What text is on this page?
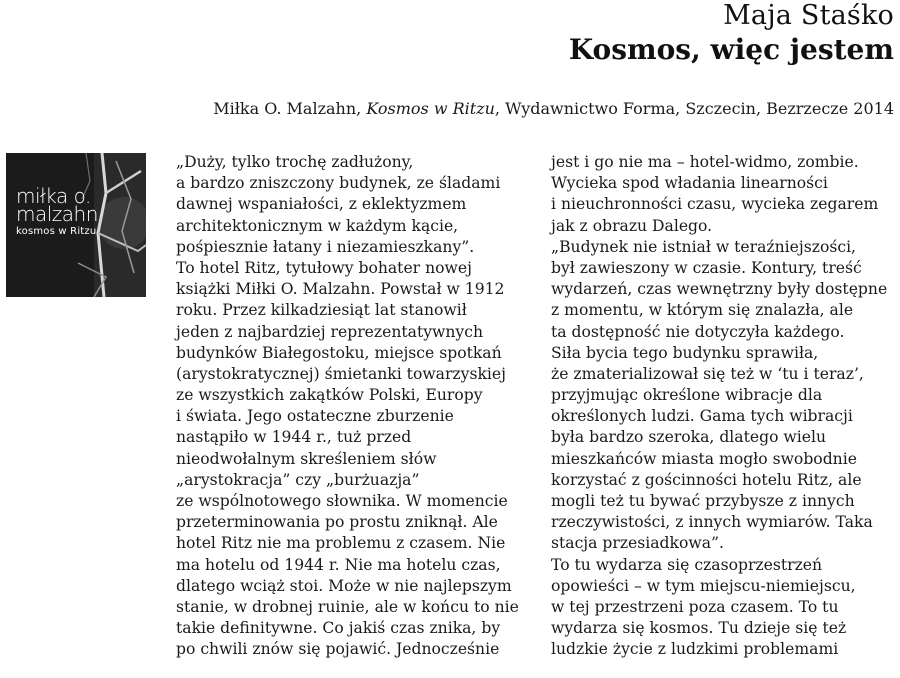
Maja Staśko
Kosmos, więc jestem
Miłka O. Malzahn, Kosmos w Ritzu, Wydawnictwo Forma, Szczecin, Bezrzecze 2014
miłka o.
malzahn
kosmos w Ritzu
„Duży, tylko trochę zadłużony,
a bardzo zniszczony budynek, ze śladami
dawnej wspaniałości, z eklektyzmem
architektonicznym w każdym kącie,
pośpiesznie łatany i niezamieszkany”.
To hotel Ritz, tytułowy bohater nowej
książki Miłki O. Malzahn. Powstał w 1912
roku. Przez kilkadziesiąt lat stanowił
jeden z najbardziej reprezentatywnych
budynków Białegostoku, miejsce spotkań
(arystokratycznej) śmietanki towarzyskiej
ze wszystkich zakątków Polski, Europy
i świata. Jego ostateczne zburzenie
nastąpiło w 1944 r., tuż przed
nieodwołalnym skreśleniem słów
„arystokracja” czy „burżuazja”
ze wspólnotowego słownika. W momencie
przeterminowania po prostu zniknął. Ale
hotel Ritz nie ma problemu z czasem. Nie
ma hotelu od 1944 r. Nie ma hotelu czas,
dlatego wciąż stoi. Może w nie najlepszym
stanie, w drobnej ruinie, ale w końcu to nie
takie definitywne. Co jakiś czas znika, by
po chwili znów się pojawić. Jednocześnie
jest i go nie ma – hotel-widmo, zombie.
Wycieka spod władania linearności
i nieuchronności czasu, wycieka zegarem
jak z obrazu Dalego.
„Budynek nie istniał w teraźniejszości,
był zawieszony w czasie. Kontury, treść
wydarzeń, czas wewnętrzny były dostępne
z momentu, w którym się znalazła, ale
ta dostępność nie dotyczyła każdego.
Siła bycia tego budynku sprawiła,
że zmaterializował się też w ‘tu i teraz’,
przyjmując określone wibracje dla
określonych ludzi. Gama tych wibracji
była bardzo szeroka, dlatego wielu
mieszkańców miasta mogło swobodnie
korzystać z gościnności hotelu Ritz, ale
mogli też tu bywać przybysze z innych
rzeczywistości, z innych wymiarów. Taka
stacja przesiadkowa”.
To tu wydarza się czasoprzestrzeń
opowieści – w tym miejscu-niemiejscu,
w tej przestrzeni poza czasem. To tu
wydarza się kosmos. Tu dzieje się też
ludzkie życie z ludzkimi problemami
